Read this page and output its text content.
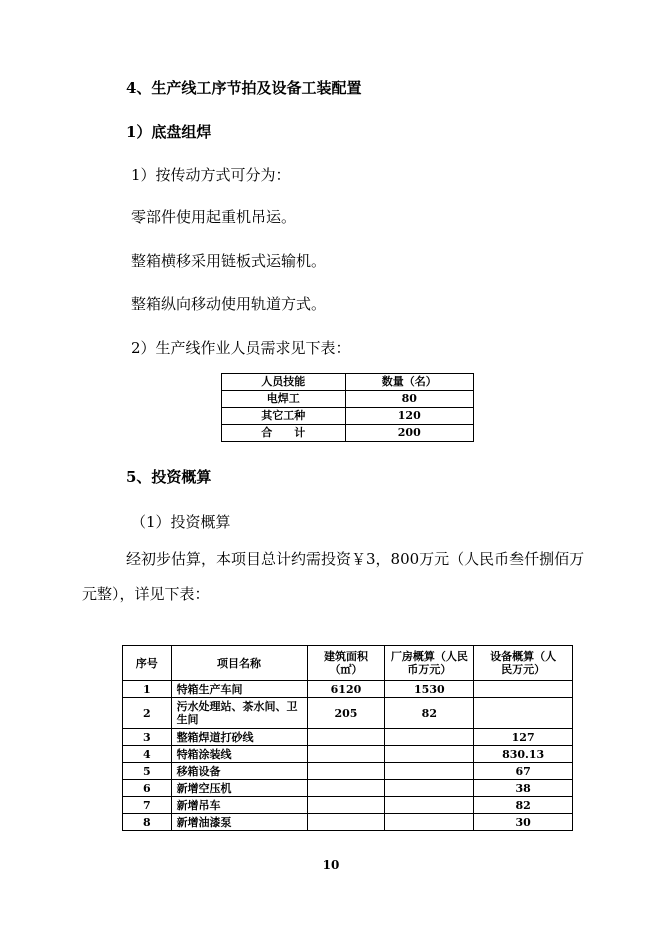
4、生产线工序节拍及设备工装配置
1）底盘组焊
1）按传动方式可分为：
零部件使用起重机吊运。
整箱横移采用链板式运输机。
整箱纵向移动使用轨道方式。
2）生产线作业人员需求见下表：
人员技能	数量（名）
电焊工	80
其它工种	120
合　　计	200
5、投资概算
（1）投资概算
经初步估算，本项目总计约需投资￥3，800万元（人民币叁仟捌佰万
元整），详见下表：
序号	项目名称	建筑面积（㎡）	厂房概算（人民币万元）	设备概算（人民万元）

1	特箱生产车间	6120	1530	
2	污水处理站、茶水间、卫生间	205	82	
3	整箱焊道打砂线			127
4	特箱涂装线			830.13
5	移箱设备			67
6	新增空压机			38
7	新增吊车			82
8	新增油漆泵			30
10
